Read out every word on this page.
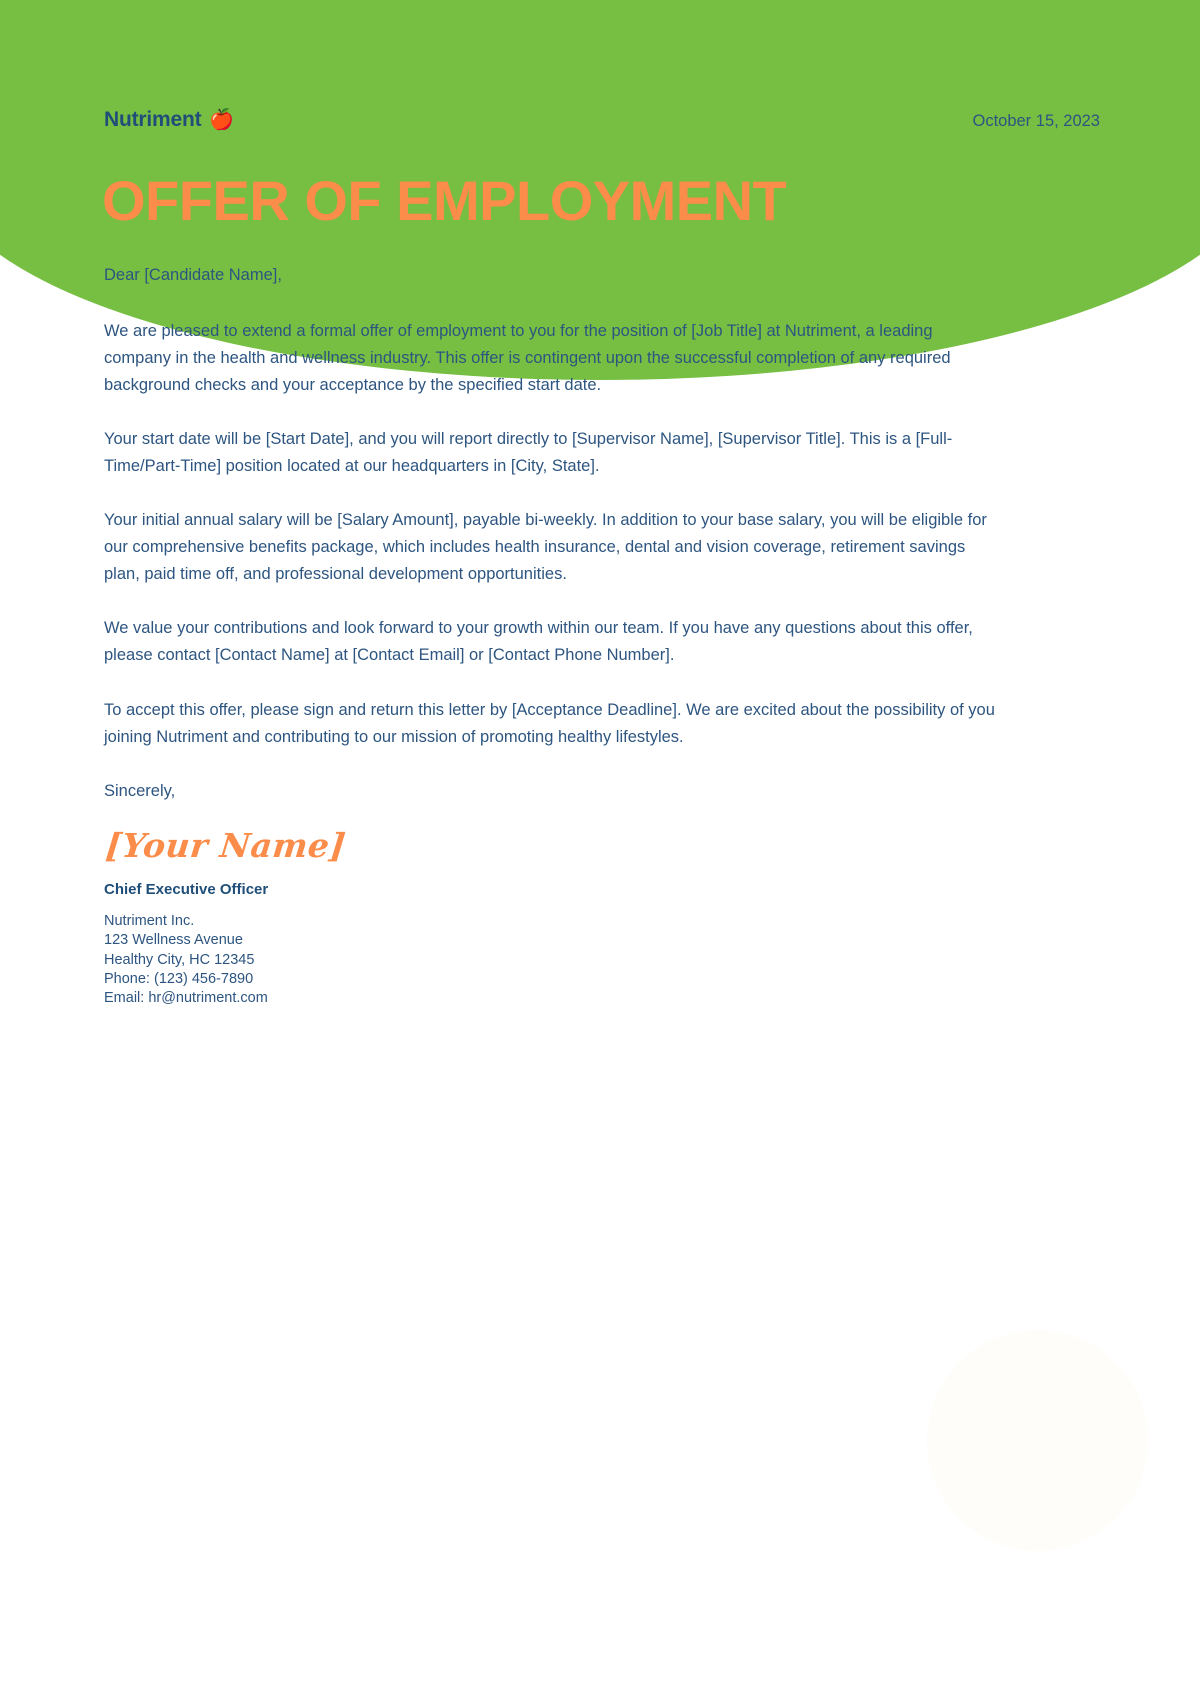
Nutriment 🍎	October 15, 2023
OFFER OF EMPLOYMENT

Dear [Candidate Name],

We are pleased to extend a formal offer of employment to you for the position of [Job Title] at Nutriment, a leading company in the health and wellness industry. This offer is contingent upon the successful completion of any required background checks and your acceptance by the specified start date.

Your start date will be [Start Date], and you will report directly to [Supervisor Name], [Supervisor Title]. This is a [Full-Time/Part-Time] position located at our headquarters in [City, State].

Your initial annual salary will be [Salary Amount], payable bi-weekly. In addition to your base salary, you will be eligible for our comprehensive benefits package, which includes health insurance, dental and vision coverage, retirement savings plan, paid time off, and professional development opportunities.

We value your contributions and look forward to your growth within our team. If you have any questions about this offer, please contact [Contact Name] at [Contact Email] or [Contact Phone Number].

To accept this offer, please sign and return this letter by [Acceptance Deadline]. We are excited about the possibility of you joining Nutriment and contributing to our mission of promoting healthy lifestyles.

Sincerely,

[Your Name]
Chief Executive Officer
Nutriment Inc.
123 Wellness Avenue
Healthy City, HC 12345
Phone: (123) 456-7890
Email: hr@nutriment.com
